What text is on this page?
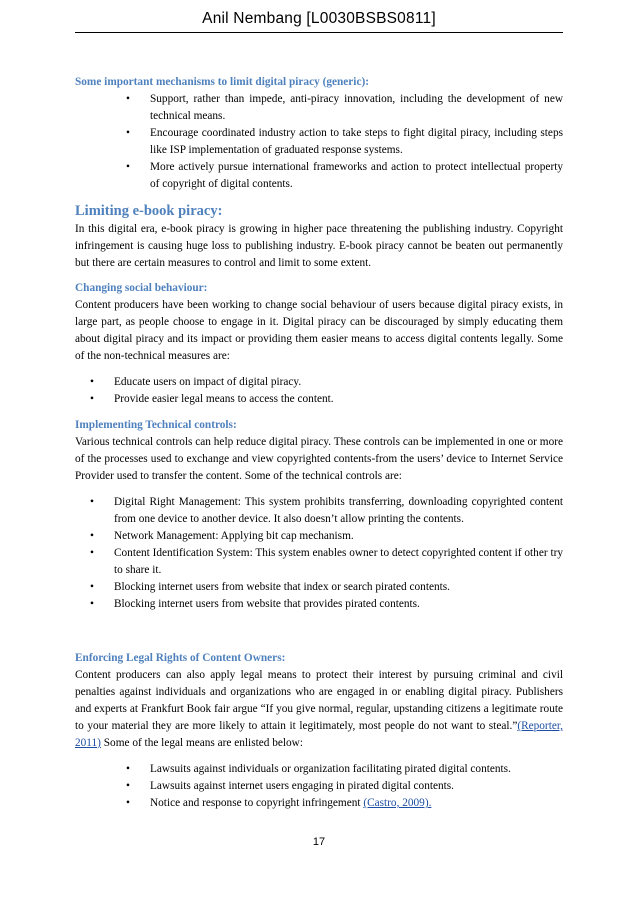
Anil Nembang [L0030BSBS0811]
Some important mechanisms to limit digital piracy (generic):
• Support, rather than impede, anti-piracy innovation, including the development of new technical means.
• Encourage coordinated industry action to take steps to fight digital piracy, including steps like ISP implementation of graduated response systems.
• More actively pursue international frameworks and action to protect intellectual property of copyright of digital contents.
Limiting e-book piracy:

In this digital era, e-book piracy is growing in higher pace threatening the publishing industry. Copyright infringement is causing huge loss to publishing industry. E-book piracy cannot be beaten out permanently but there are certain measures to control and limit to some extent.

Changing social behaviour:

Content producers have been working to change social behaviour of users because digital piracy exists, in large part, as people choose to engage in it. Digital piracy can be discouraged by simply educating them about digital piracy and its impact or providing them easier means to access digital contents legally. Some of the non-technical measures are:

• Educate users on impact of digital piracy.
• Provide easier legal means to access the content.
Implementing Technical controls:

Various technical controls can help reduce digital piracy. These controls can be implemented in one or more of the processes used to exchange and view copyrighted contents-from the users’ device to Internet Service Provider used to transfer the content. Some of the technical controls are:

• Digital Right Management: This system prohibits transferring, downloading copyrighted content from one device to another device. It also doesn’t allow printing the contents.
• Network Management: Applying bit cap mechanism.
• Content Identification System: This system enables owner to detect copyrighted content if other try to share it.
• Blocking internet users from website that index or search pirated contents.
• Blocking internet users from website that provides pirated contents.
Enforcing Legal Rights of Content Owners:

Content producers can also apply legal means to protect their interest by pursuing criminal and civil penalties against individuals and organizations who are engaged in or enabling digital piracy. Publishers and experts at Frankfurt Book fair argue “If you give normal, regular, upstanding citizens a legitimate route to your material they are more likely to attain it legitimately, most people do not want to steal.”(Reporter, 2011) Some of the legal means are enlisted below:

• Lawsuits against individuals or organization facilitating pirated digital contents.
• Lawsuits against internet users engaging in pirated digital contents.
• Notice and response to copyright infringement (Castro, 2009).
17
